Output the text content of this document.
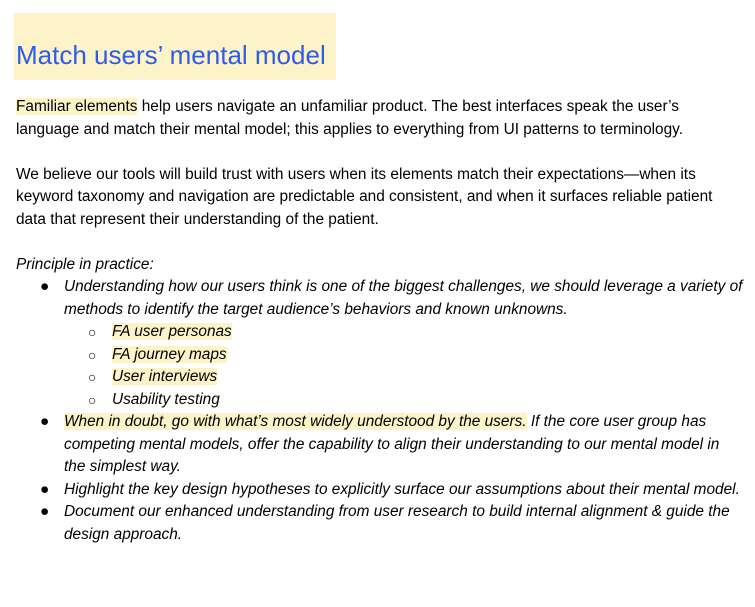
Match users’ mental model

Familiar elements help users navigate an unfamiliar product. The best interfaces speak the user’s language and match their mental model; this applies to everything from UI patterns to terminology.

We believe our tools will build trust with users when its elements match their expectations—when its keyword taxonomy and navigation are predictable and consistent, and when it surfaces reliable patient data that represent their understanding of the patient.

Principle in practice:

● Understanding how our users think is one of the biggest challenges, we should leverage a variety of methods to identify the target audience’s behaviors and known unknowns.
○ FA user personas
○ FA journey maps
○ User interviews
○ Usability testing
● When in doubt, go with what’s most widely understood by the users. If the core user group has competing mental models, offer the capability to align their understanding to our mental model in the simplest way.
● Highlight the key design hypotheses to explicitly surface our assumptions about their mental model.
● Document our enhanced understanding from user research to build internal alignment & guide the design approach.
